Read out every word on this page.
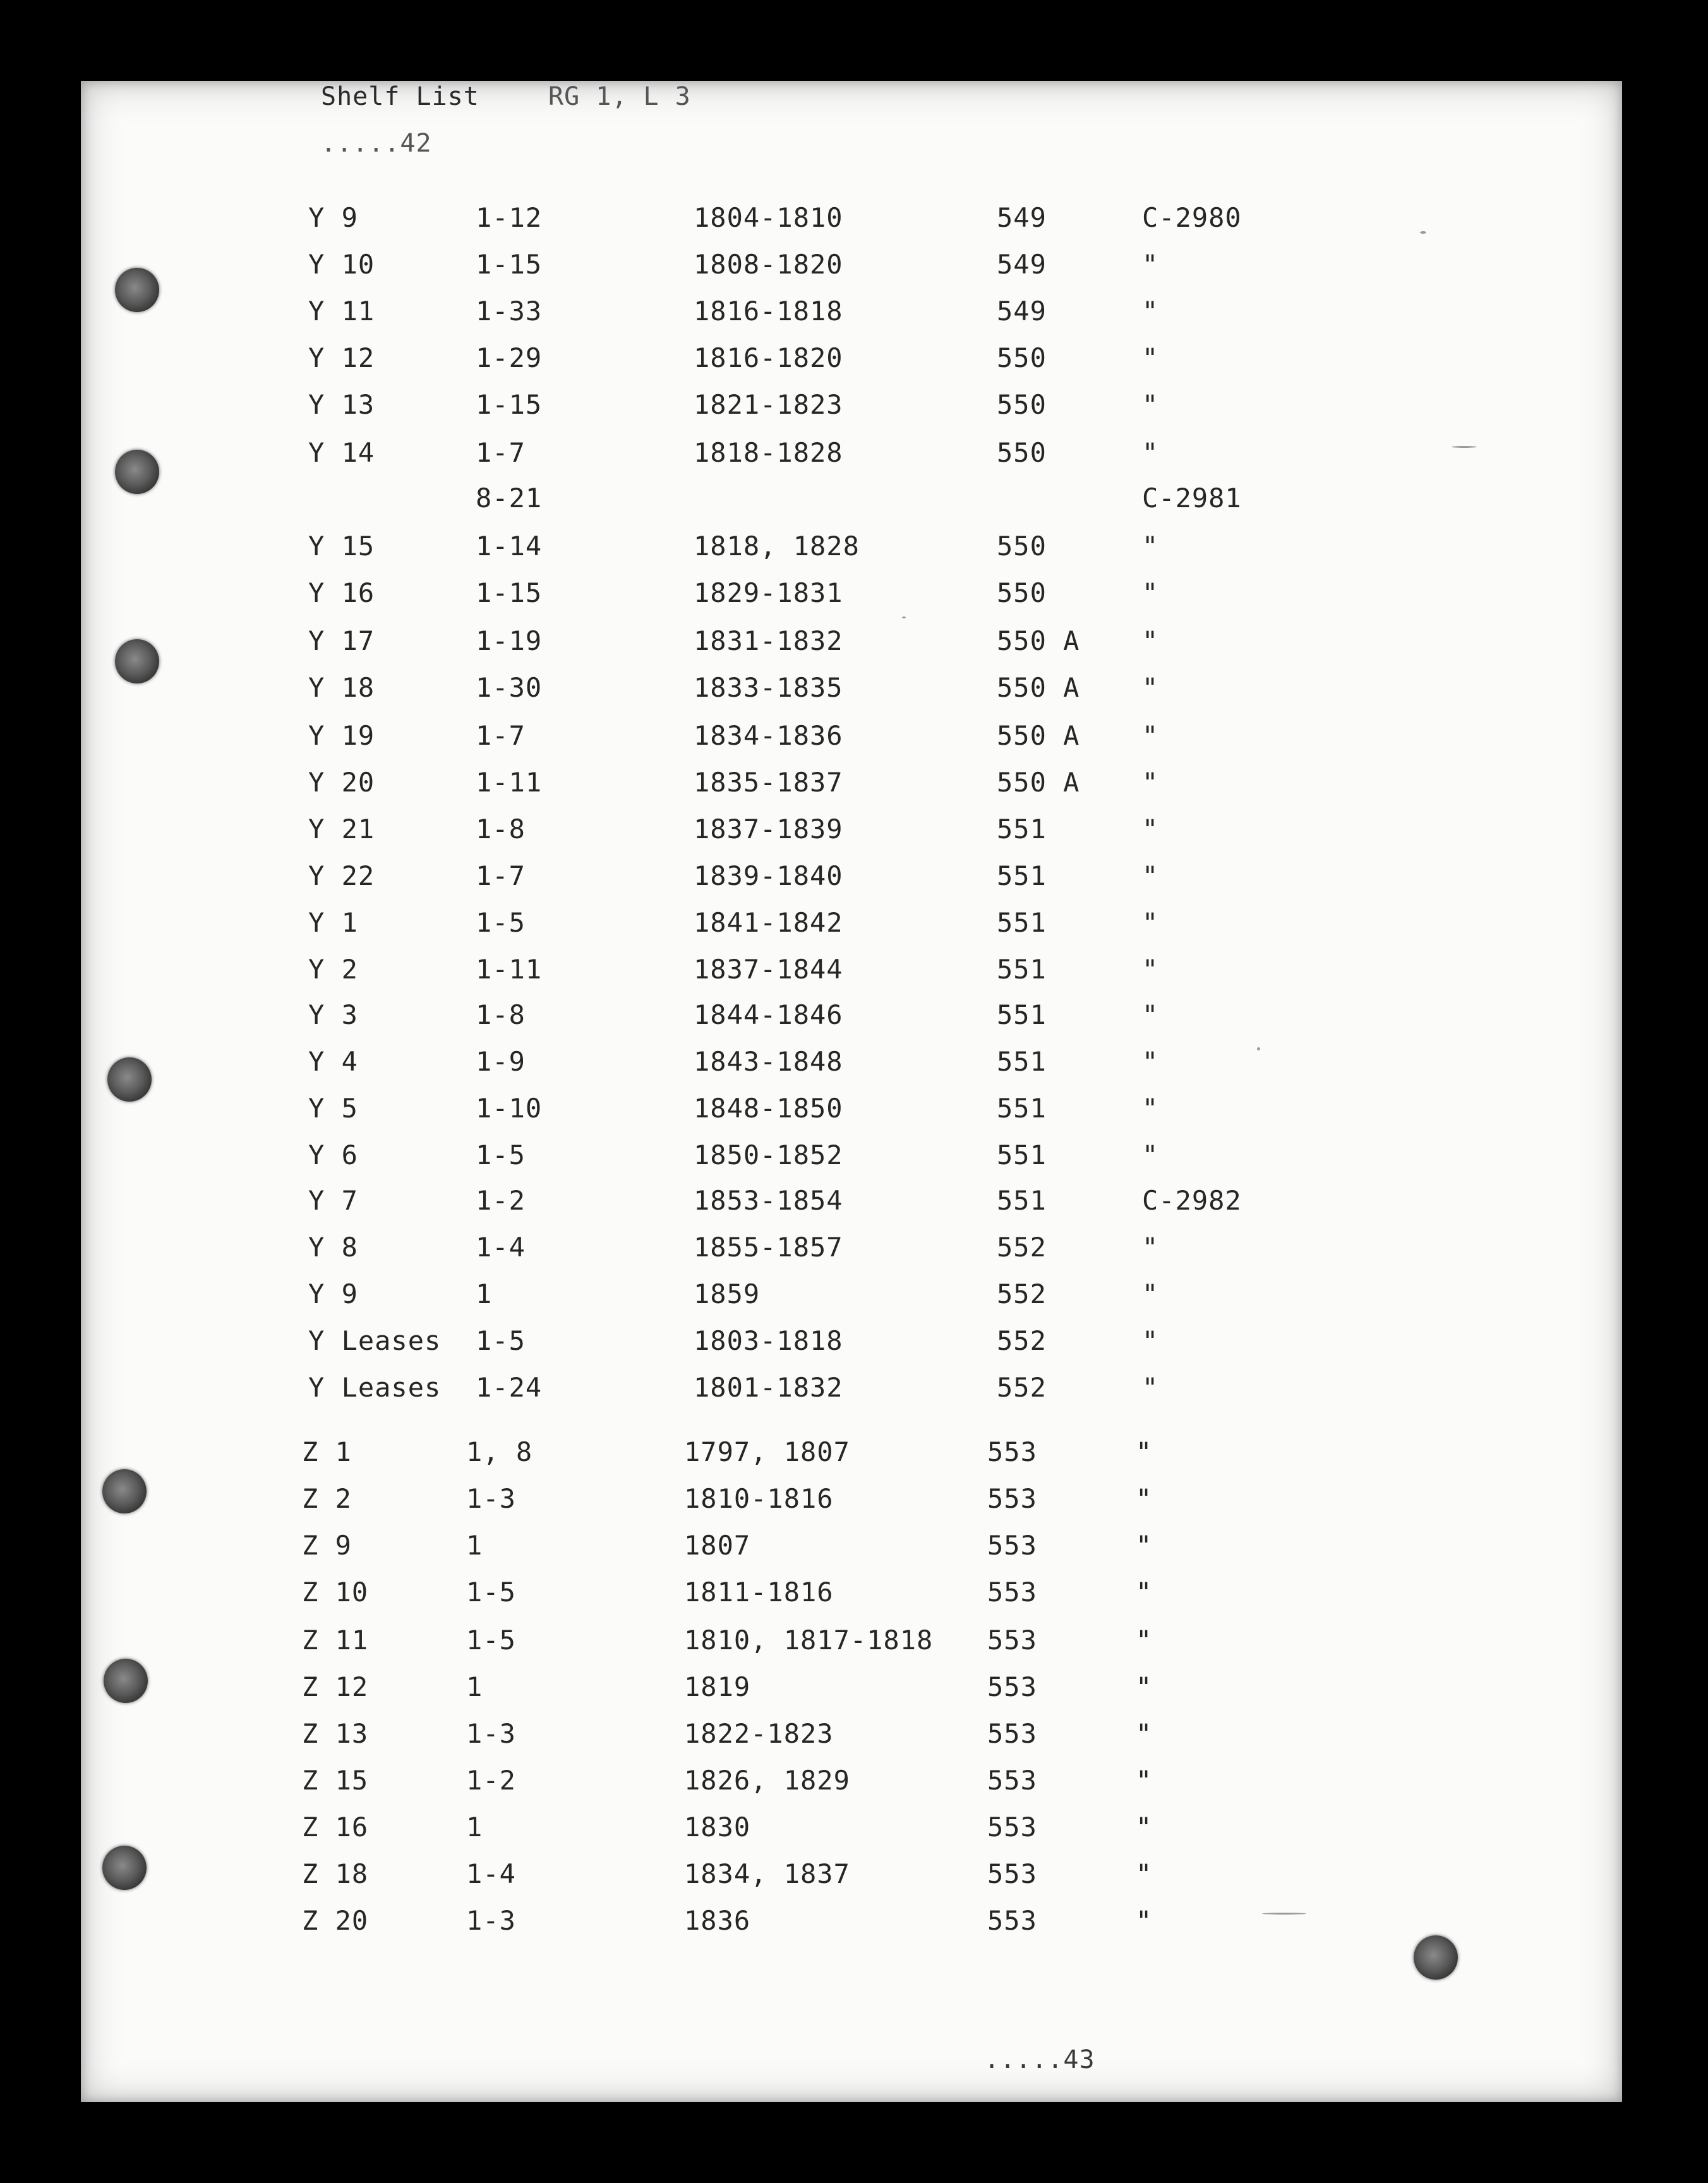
Shelf List	RG 1, L 3
.....42
Y 9	1-12	1804-1810	549	C-2980
Y 10	1-15	1808-1820	549	"
Y 11	1-33	1816-1818	549	"
Y 12	1-29	1816-1820	550	"
Y 13	1-15	1821-1823	550	"
Y 14	1-7	1818-1828	550	"
8-21	C-2981
Y 15	1-14	1818, 1828	550	"
Y 16	1-15	1829-1831	550	"
Y 17	1-19	1831-1832	550 A "
Y 18	1-30	1833-1835	550 A "
Y 19	1-7	1834-1836	550 A "
Y 20	1-11	1835-1837	550 A "
Y 21	1-8	1837-1839	551	"
Y 22	1-7	1839-1840	551	"
Y 1	1-5	1841-1842	551	"
Y 2	1-11	1837-1844	551	"
Y 3	1-8	1844-1846	551	"
Y 4	1-9	1843-1848	551	"
Y 5	1-10	1848-1850	551	"
Y 6	1-5	1850-1852	551	"
Y 7	1-2	1853-1854	551	C-2982
Y 8	1-4	1855-1857	552	"
Y 9	1	1859	552	"
Y Leases 1-5	1803-1818	552	"
Y Leases 1-24	1801-1832	552	"
Z 1	1, 8	1797, 1807	553	"
Z 2	1-3	1810-1816	553	"
Z 9	1	1807	553	"
Z 10	1-5	1811-1816	553	"
Z 11	1-5	1810, 1817-1818 553	"
Z 12	1	1819	553	"
Z 13	1-3	1822-1823	553	"
Z 15	1-2	1826, 1829	553	"
Z 16	1	1830	553	"
Z 18	1-4	1834, 1837	553	"
Z 20	1-3	1836	553	"
.....43
